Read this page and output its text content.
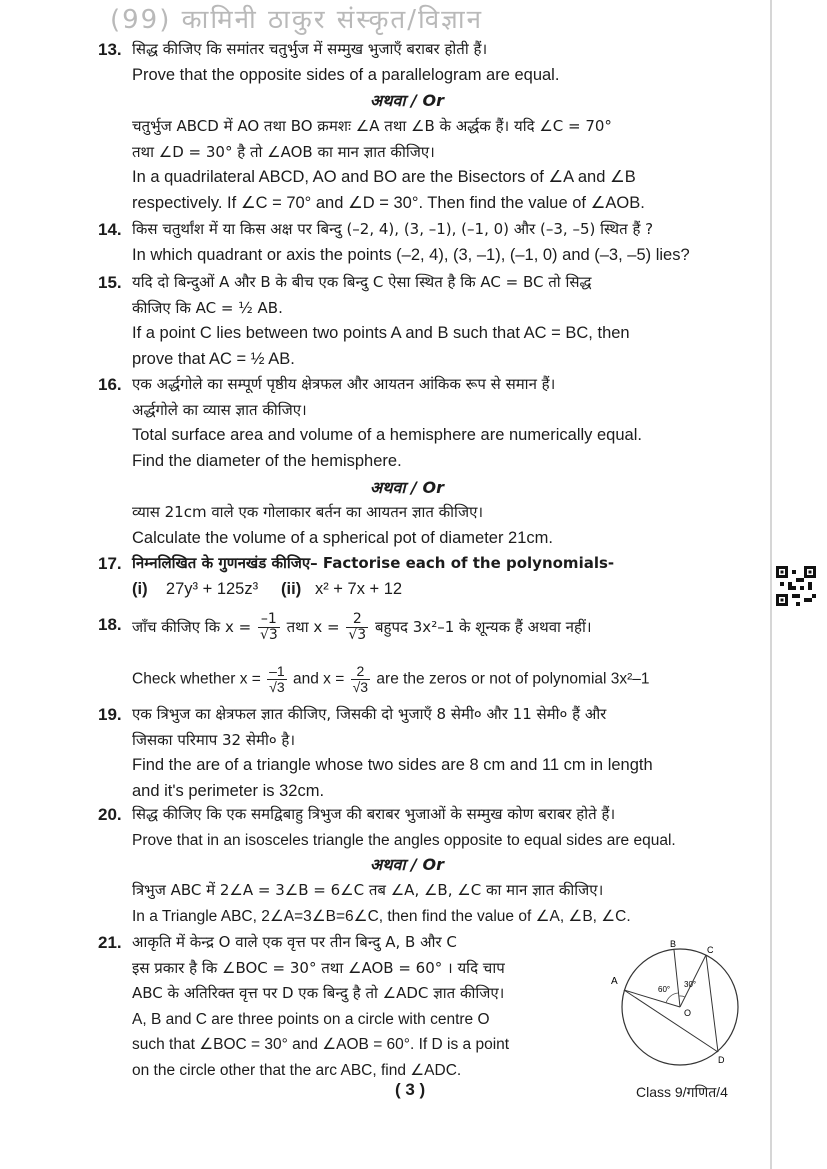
(99) कामिनी ठाकुर संस्कृत/विज्ञान
13. सिद्ध कीजिए कि समांतर चतुर्भुज में सम्मुख भुजाएँ बराबर होती हैं।
Prove that the opposite sides of a parallelogram are equal.
अथवा / Or
चतुर्भुज ABCD में AO तथा BO क्रमशः ∠A तथा ∠B के अर्द्धक हैं। यदि ∠C = 70°
तथा ∠D = 30° है तो ∠AOB का मान ज्ञात कीजिए।
In a quadrilateral ABCD, AO and BO are the Bisectors of ∠A and ∠B
respectively. If ∠C = 70° and ∠D = 30°. Then find the value of ∠AOB.
14. किस चतुर्थांश में या किस अक्ष पर बिन्दु (–2, 4), (3, –1), (–1, 0) और (–3, –5) स्थित हैं ?
In which quadrant or axis the points (–2, 4), (3, –1), (–1, 0) and (–3, –5) lies?
15. यदि दो बिन्दुओं A और B के बीच एक बिन्दु C ऐसा स्थित है कि AC = BC तो सिद्ध
कीजिए कि AC = ½ AB.
If a point C lies between two points A and B such that AC = BC, then
prove that AC = ½ AB.
16. एक अर्द्धगोले का सम्पूर्ण पृष्ठीय क्षेत्रफल और आयतन आंकिक रूप से समान हैं।
अर्द्धगोले का व्यास ज्ञात कीजिए।
Total surface area and volume of a hemisphere are numerically equal.
Find the diameter of the hemisphere.
अथवा / Or
व्यास 21cm वाले एक गोलाकार बर्तन का आयतन ज्ञात कीजिए।
Calculate the volume of a spherical pot of diameter 21cm.
17. निम्नलिखित के गुणनखंड कीजिए– Factorise each of the polynomials-
(i) 27y³ + 125z³ (ii) x² + 7x + 12
18. जाँच कीजिए कि $x = \frac{-1}{√3}$ तथा $x = \frac{2}{√3}$ बहुपद 3x²–1 के शून्यक हैं अथवा नहीं।
Check whether $x = \frac{-1}{√3}$ and $x = \frac{2}{√3}$ are the zeros or not of polynomial 3x²–1
19. एक त्रिभुज का क्षेत्रफल ज्ञात कीजिए, जिसकी दो भुजाएँ 8 सेमी० और 11 सेमी० हैं और
जिसका परिमाप 32 सेमी० है।
Find the are of a triangle whose two sides are 8 cm and 11 cm in length
and it's perimeter is 32cm.
20. सिद्ध कीजिए कि एक समद्विबाहु त्रिभुज की बराबर भुजाओं के सम्मुख कोण बराबर होते हैं।
Prove that in an isosceles triangle the angles opposite to equal sides are equal.
अथवा / Or
त्रिभुज ABC में 2∠A = 3∠B = 6∠C तब ∠A, ∠B, ∠C का मान ज्ञात कीजिए।
In a Triangle ABC, 2∠A=3∠B=6∠C, then find the value of ∠A, ∠B, ∠C.
21. आकृति में केन्द्र O वाले एक वृत्त पर तीन बिन्दु A, B और C
इस प्रकार है कि ∠BOC = 30° तथा ∠AOB = 60° । यदि चाप
ABC के अतिरिक्त वृत्त पर D एक बिन्दु है तो ∠ADC ज्ञात कीजिए।
A, B and C are three points on a circle with centre O
such that ∠BOC = 30° and ∠AOB = 60°. If D is a point
on the circle other that the arc ABC, find ∠ADC.
A
B
C
D
O
60°
30°
( 3 )	Class 9/गणित/4
